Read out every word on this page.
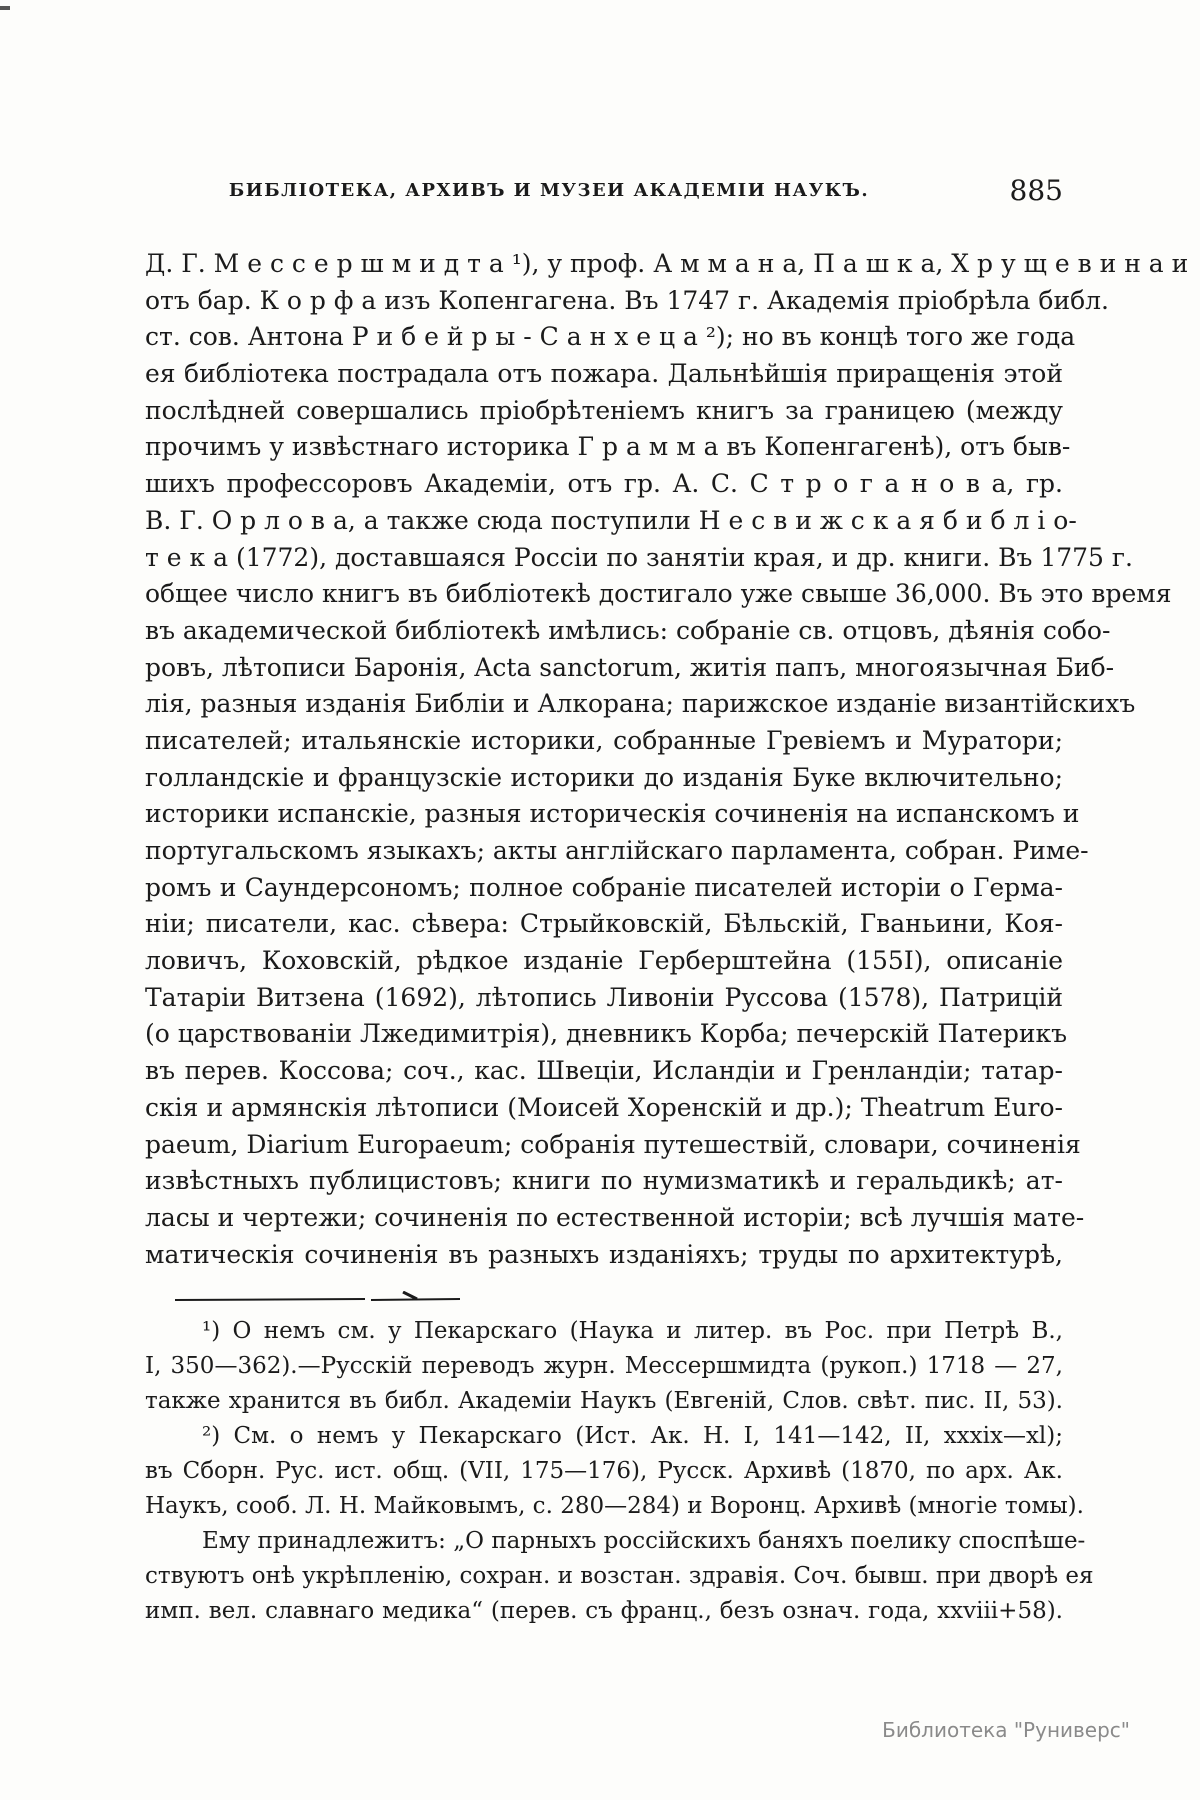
БИБЛІОТЕКА, АРХИВЪ И МУЗЕИ АКАДЕМІИ НАУКЪ.	885
Д. Г. М е с с е р ш м и д т а ¹), у проф. А м м а н а, П а ш к а, Х р у щ е в и н а и
отъ бар. К о р ф а изъ Копенгагена. Въ 1747 г. Академія пріобрѣла библ.
ст. сов. Антона Р и б е й р ы - С а н х е ц а ²); но въ концѣ того же года
ея библіотека пострадала отъ пожара. Дальнѣйшія приращенія этой
послѣдней совершались пріобрѣтеніемъ книгъ за границею (между
прочимъ у извѣстнаго историка Г р а м м а въ Копенгагенѣ), отъ быв-
шихъ профессоровъ Академіи, отъ гр. А. С. С т р о г а н о в а, гр.
В. Г. О р л о в а, а также сюда поступили Н е с в и ж с к а я б и б л і о-
т е к а (1772), доставшаяся Россіи по занятіи края, и др. книги. Въ 1775 г.
общее число книгъ въ библіотекѣ достигало уже свыше 36,000. Въ это время
въ академической библіотекѣ имѣлись: собраніе св. отцовъ, дѣянія собо-
ровъ, лѣтописи Баронія, Acta sanctorum, житія папъ, многоязычная Биб-
лія, разныя изданія Библіи и Алкорана; парижское изданіе византійскихъ
писателей; итальянскіе историки, собранные Гревіемъ и Муратори;
голландскіе и французскіе историки до изданія Буке включительно;
историки испанскіе, разныя историческія сочиненія на испанскомъ и
португальскомъ языкахъ; акты англійскаго парламента, собран. Риме-
ромъ и Саундерсономъ; полное собраніе писателей исторіи о Герма-
ніи; писатели, кас. сѣвера: Стрыйковскій, Бѣльскій, Гваньини, Коя-
ловичъ, Коховскій, рѣдкое изданіе Герберштейна (155I), описаніе
Татаріи Витзена (1692), лѣтопись Ливоніи Руссова (1578), Патрицій
(о царствованіи Лжедимитрія), дневникъ Корба; печерскій Патерикъ
въ перев. Коссова; соч., кас. Швеціи, Исландіи и Гренландіи; татар-
скія и армянскія лѣтописи (Моисей Хоренскій и др.); Theatrum Euro-
paeum, Diarium Europaeum; собранія путешествій, словари, сочиненія
извѣстныхъ публицистовъ; книги по нумизматикѣ и геральдикѣ; ат-
ласы и чертежи; сочиненія по естественной исторіи; всѣ лучшія мате-
матическія сочиненія въ разныхъ изданіяхъ; труды по архитектурѣ,
¹) О немъ см. у Пекарскаго (Наука и литер. въ Рос. при Петрѣ В.,
I, 350—362).—Русскій переводъ журн. Мессершмидта (рукоп.) 1718 — 27,
также хранится въ библ. Академіи Наукъ (Евгеній, Слов. свѣт. пис. II, 53).
²) См. о немъ у Пекарскаго (Ист. Ак. Н. I, 141—142, II, xxxix—xl);
въ Сборн. Рус. ист. общ. (VII, 175—176), Русск. Архивѣ (1870, по арх. Ак.
Наукъ, сооб. Л. Н. Майковымъ, с. 280—284) и Воронц. Архивѣ (многіе томы).
Ему принадлежитъ: „О парныхъ россійскихъ баняхъ поелику споспѣше-
ствуютъ онѣ укрѣпленію, сохран. и возстан. здравія. Соч. бывш. при дворѣ ея
имп. вел. славнаго медика“ (перев. съ франц., безъ означ. года, xxviii+58).
Библиотека "Руниверс"
